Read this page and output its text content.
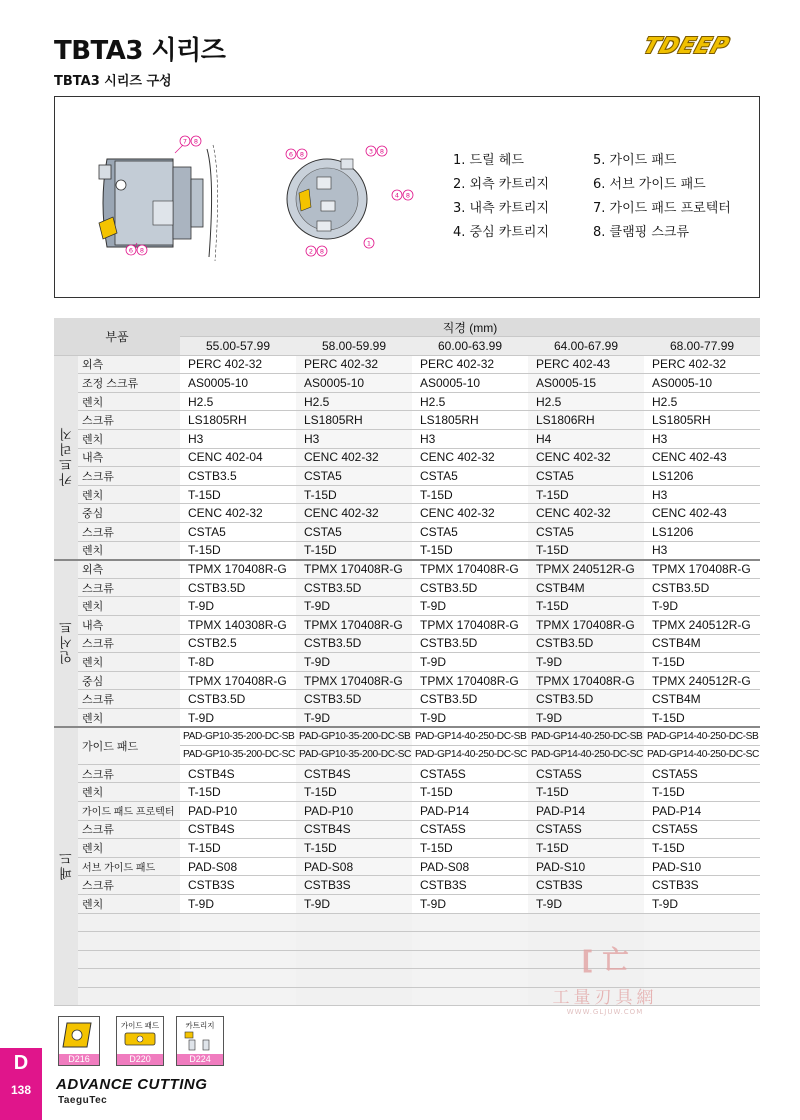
TBTA3 시리즈
TBTA3 시리즈 구성
TDEEP
7 8
6 8
6 8	3 8
4 8
1
2 8
1. 드릴 헤드	5. 가이드 패드
2. 외측 카트리지	6. 서브 가이드 패드
3. 내측 카트리지	7. 가이드 패드 프로텍터
4. 중심 카트리지	8. 클램핑 스크류
부품		직경 (mm)				
		55.00-57.99	58.00-59.99	60.00-63.99	64.00-67.99	68.00-77.99
카트리지	외측	PERC 402-32	PERC 402-32	PERC 402-32	PERC 402-43	PERC 402-32
	조정 스크류	AS0005-10	AS0005-10	AS0005-10	AS0005-15	AS0005-10
	렌치	H2.5	H2.5	H2.5	H2.5	H2.5
	스크류	LS1805RH	LS1805RH	LS1805RH	LS1806RH	LS1805RH
	렌치	H3	H3	H3	H4	H3
	내측	CENC 402-04	CENC 402-32	CENC 402-32	CENC 402-32	CENC 402-43
	스크류	CSTB3.5	CSTA5	CSTA5	CSTA5	LS1206
	렌치	T-15D	T-15D	T-15D	T-15D	H3
	중심	CENC 402-32	CENC 402-32	CENC 402-32	CENC 402-32	CENC 402-43
	스크류	CSTA5	CSTA5	CSTA5	CSTA5	LS1206
	렌치	T-15D	T-15D	T-15D	T-15D	H3
인서트	외측	TPMX 170408R-G	TPMX 170408R-G	TPMX 170408R-G	TPMX 240512R-G	TPMX 170408R-G
	스크류	CSTB3.5D	CSTB3.5D	CSTB3.5D	CSTB4M	CSTB3.5D
	렌치	T-9D	T-9D	T-9D	T-15D	T-9D
	내측	TPMX 140308R-G	TPMX 170408R-G	TPMX 170408R-G	TPMX 170408R-G	TPMX 240512R-G
	스크류	CSTB2.5	CSTB3.5D	CSTB3.5D	CSTB3.5D	CSTB4M
	렌치	T-8D	T-9D	T-9D	T-9D	T-15D
	중심	TPMX 170408R-G	TPMX 170408R-G	TPMX 170408R-G	TPMX 170408R-G	TPMX 240512R-G
	스크류	CSTB3.5D	CSTB3.5D	CSTB3.5D	CSTB3.5D	CSTB4M
	렌치	T-9D	T-9D	T-9D	T-9D	T-15D
패드	가이드 패드	PAD-GP10-35-200-DC-SB	PAD-GP10-35-200-DC-SB	PAD-GP14-40-250-DC-SB	PAD-GP14-40-250-DC-SB	PAD-GP14-40-250-DC-SB
		PAD-GP10-35-200-DC-SC	PAD-GP10-35-200-DC-SC	PAD-GP14-40-250-DC-SC	PAD-GP14-40-250-DC-SC	PAD-GP14-40-250-DC-SC
	스크류	CSTB4S	CSTB4S	CSTA5S	CSTA5S	CSTA5S
	렌치	T-15D	T-15D	T-15D	T-15D	T-15D
	가이드 패드 프로텍터	PAD-P10	PAD-P10	PAD-P14	PAD-P14	PAD-P14
	스크류	CSTB4S	CSTB4S	CSTA5S	CSTA5S	CSTA5S
	렌치	T-15D	T-15D	T-15D	T-15D	T-15D
	서브 가이드 패드	PAD-S08	PAD-S08	PAD-S08	PAD-S10	PAD-S10
	스크류	CSTB3S	CSTB3S	CSTB3S	CSTB3S	CSTB3S
	렌치	T-9D	T-9D	T-9D	T-9D	T-9D

[ 亡
工量刃具網
WWW.GLJUW.COM
D216
가이드 패드
D220
카트리지
D224
D
138	ADVANCE CUTTING
TaeguTec
